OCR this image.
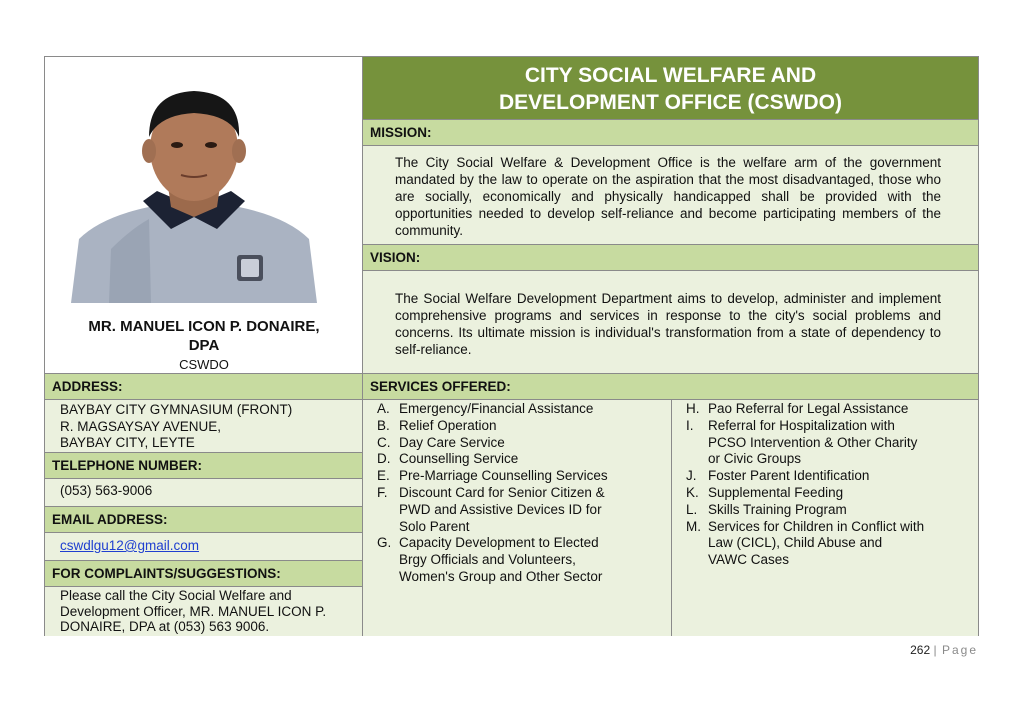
MR. MANUEL ICON P. DONAIRE,
DPA
CSWDO
ADDRESS:
BAYBAY CITY GYMNASIUM (FRONT)
R. MAGSAYSAY AVENUE,
BAYBAY CITY, LEYTE
TELEPHONE NUMBER:
(053) 563-9006
EMAIL ADDRESS:
cswdlgu12@gmail.com
FOR COMPLAINTS/SUGGESTIONS:
Please call the City Social Welfare and Development Officer, MR. MANUEL ICON P. DONAIRE, DPA at (053) 563 9006.
CITY SOCIAL WELFARE AND
DEVELOPMENT OFFICE (CSWDO)
MISSION:
The City Social Welfare & Development Office is the welfare arm of the government mandated by the law to operate on the aspiration that the most disadvantaged, those who are socially, economically and physically handicapped shall be provided with the opportunities needed to develop self-reliance and become participating members of the community.
VISION:
The Social Welfare Development Department aims to develop, administer and implement comprehensive programs and services in response to the city's social problems and concerns. Its ultimate mission is individual's transformation from a state of dependency to self-reliance.
SERVICES OFFERED:
A. Emergency/Financial Assistance
B. Relief Operation
C. Day Care Service
D. Counselling Service
E. Pre-Marriage Counselling Services
F. Discount Card for Senior Citizen &
PWD and Assistive Devices ID for
Solo Parent
G. Capacity Development to Elected
Brgy Officials and Volunteers,
Women's Group and Other Sector
H. Pao Referral for Legal Assistance
I.	Referral for Hospitalization with
PCSO Intervention & Other Charity
or Civic Groups
J. Foster Parent Identification
K. Supplemental Feeding
L. Skills Training Program
M. Services for Children in Conflict with
Law (CICL), Child Abuse and
VAWC Cases
262 | Page
